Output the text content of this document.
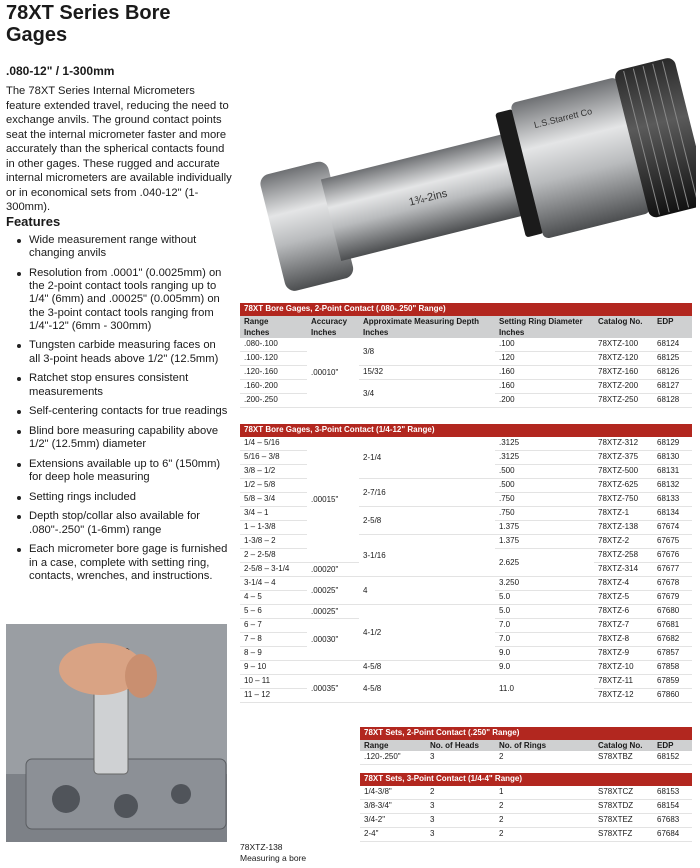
78XT Series Bore Gages
.080-12" / 1-300mm
The 78XT Series Internal Micrometers feature extended travel, reducing the need to exchange anvils. The ground contact points seat the internal micrometer faster and more accurately than the spherical contacts found in other gages. These rugged and accurate internal micrometers are available individually or in economical sets from .040-12" (1-300mm).
Features
Wide measurement range without changing anvils
Resolution from .0001" (0.0025mm) on the 2-point contact tools ranging up to 1/4" (6mm) and .00025" (0.005mm) on the 3-point contact tools ranging from 1/4"-12" (6mm - 300mm)
Tungsten carbide measuring faces on all 3-point heads above 1/2" (12.5mm)
Ratchet stop ensures consistent measurements
Self-centering contacts for true readings
Blind bore measuring capability above 1/2" (12.5mm) diameter
Extensions available up to 6" (150mm) for deep hole measuring
Setting rings included
Depth stop/collar also available for .080"-.250" (1-6mm) range
Each micrometer bore gage is furnished in a case, complete with setting ring, contacts, wrenches, and instructions.
1¾-2ins
L.S.Starrett Co
78XTZ-138
Measuring a bore
78XT Bore Gages, 2-Point Contact (.080-.250" Range)					
Range	Accuracy	Approximate Measuring Depth	Setting Ring Diameter	Catalog No.	EDP
Inches	Inches	Inches	Inches		
.080-.100	.00010"	3/8	.100	78XTZ-100	68124
.100-.120			.120	78XTZ-120	68125
.120-.160		15/32	.160	78XTZ-160	68126
.160-.200		3/4	.160	78XTZ-200	68127
.200-.250			.200	78XTZ-250	68128
78XT Bore Gages, 3-Point Contact (1/4-12" Range)					
1/4 – 5/16	.00015"	2-1/4	.3125	78XTZ-312	68129
5/16 – 3/8			.3125	78XTZ-375	68130
3/8 – 1/2			.500	78XTZ-500	68131
1/2 – 5/8		2-7/16	.500	78XTZ-625	68132
5/8 – 3/4			.750	78XTZ-750	68133
3/4 – 1		2-5/8	.750	78XTZ-1	68134
1 – 1-3/8			1.375	78XTZ-138	67674
1-3/8 – 2		3-1/16	1.375	78XTZ-2	67675
2 – 2-5/8			2.625	78XTZ-258	67676
2-5/8 – 3-1/4	.00020"			78XTZ-314	67677
3-1/4 – 4	.00025"	4	3.250	78XTZ-4	67678
4 – 5			5.0	78XTZ-5	67679
5 – 6	.00025"	4-1/2	5.0	78XTZ-6	67680
6 – 7	.00030"		7.0	78XTZ-7	67681
7 – 8			7.0	78XTZ-8	67682
8 – 9			9.0	78XTZ-9	67857
9 – 10		4-5/8	9.0	78XTZ-10	67858
10 – 11	.00035"	4-5/8	11.0	78XTZ-11	67859
11 – 12				78XTZ-12	67860
78XT Sets, 2-Point Contact (.250" Range)				
Range	No. of Heads	No. of Rings	Catalog No.	EDP
.120-.250"	3	2	S78XTBZ	68152
78XT Sets, 3-Point Contact (1/4-4" Range)				
1/4-3/8"	2	1	S78XTCZ	68153
3/8-3/4"	3	2	S78XTDZ	68154
3/4-2"	3	2	S78XTEZ	67683
2-4"	3	2	S78XTFZ	67684
